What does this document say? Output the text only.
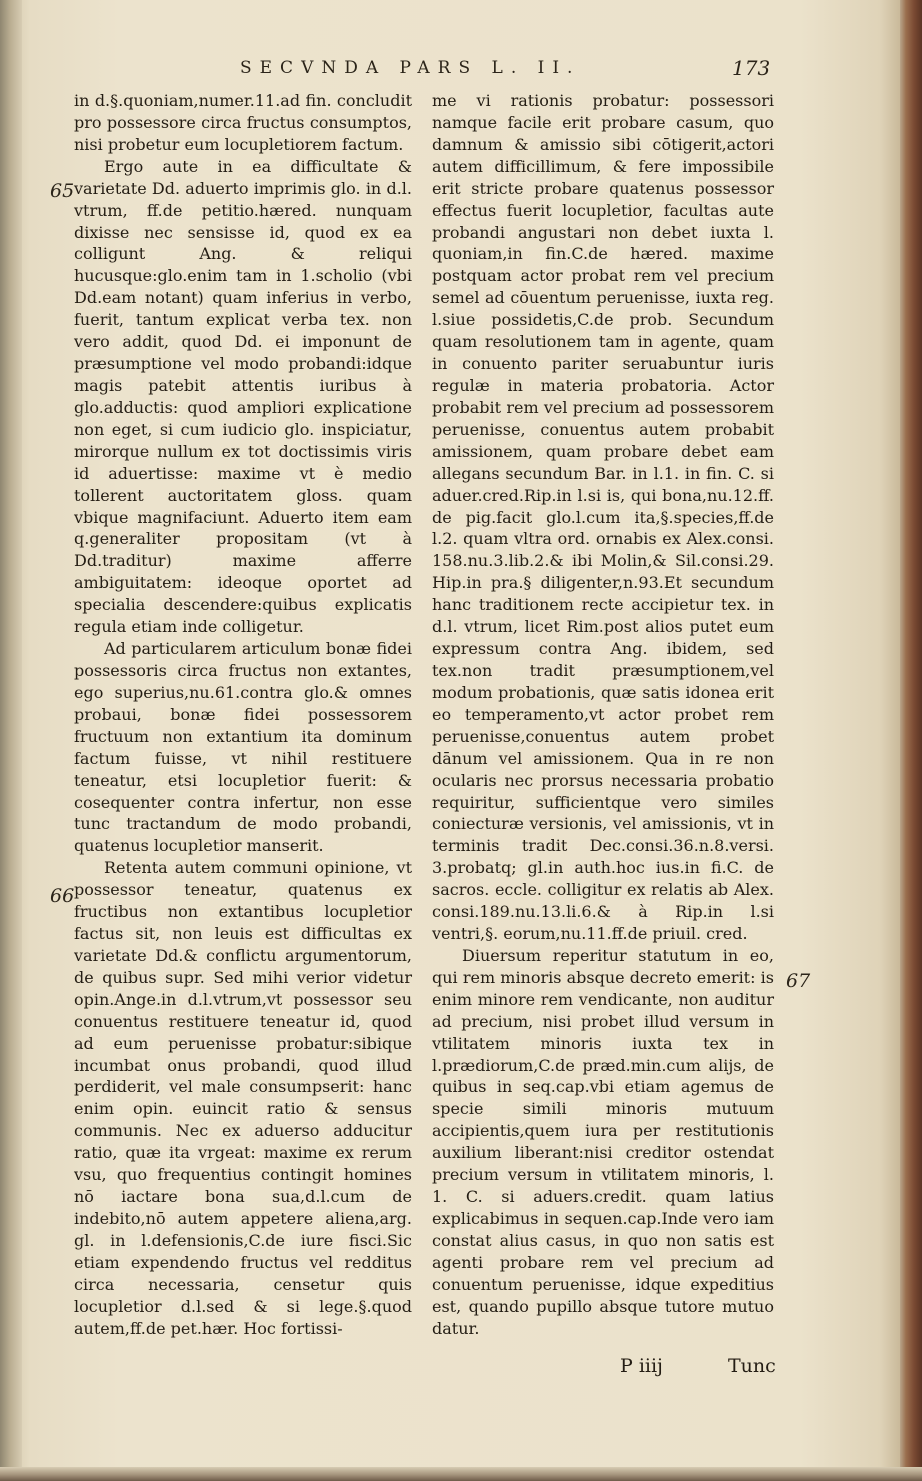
SECVNDA PARS L. II.	173
65
66
67

in d.§.quoniam,numer.11.ad fin. concludit pro possessore circa fructus consumptos, nisi probetur eum locupletiorem factum.

Ergo aute in ea difficultate & varietate Dd. aduerto imprimis glo. in d.l. vtrum, ff.de petitio.hæred. nunquam dixisse nec sensisse id, quod ex ea colligunt Ang. & reliqui hucusque:glo.enim tam in 1.scholio (vbi Dd.eam notant) quam inferius in verbo, fuerit, tantum explicat verba tex. non vero addit, quod Dd. ei imponunt de præsumptione vel modo probandi:idque magis patebit attentis iuribus à glo.adductis: quod ampliori explicatione non eget, si cum iudicio glo. inspiciatur, mirorque nullum ex tot doctissimis viris id aduertisse: maxime vt è medio tollerent auctoritatem gloss. quam vbique magnifaciunt. Aduerto item eam q.generaliter propositam (vt à Dd.traditur) maxime afferre ambiguitatem: ideoque oportet ad specialia descendere:quibus explicatis regula etiam inde colligetur.

Ad particularem articulum bonæ fidei possessoris circa fructus non extantes, ego superius,nu.61.contra glo.& omnes probaui, bonæ fidei possessorem fructuum non extantium ita dominum factum fuisse, vt nihil restituere teneatur, etsi locupletior fuerit: & cosequenter contra infertur, non esse tunc tractandum de modo probandi, quatenus locupletior manserit.

Retenta autem communi opinione, vt possessor teneatur, quatenus ex fructibus non extantibus locupletior factus sit, non leuis est difficultas ex varietate Dd.& conflictu argumentorum, de quibus supr. Sed mihi verior videtur opin.Ange.in d.l.vtrum,vt possessor seu conuentus restituere teneatur id, quod ad eum peruenisse probatur:sibique incumbat onus probandi, quod illud perdiderit, vel male consumpserit: hanc enim opin. euincit ratio & sensus communis. Nec ex aduerso adducitur ratio, quæ ita vrgeat: maxime ex rerum vsu, quo frequentius contingit homines nō iactare bona sua,d.l.cum de indebito,nō autem appetere aliena,arg. gl. in l.defensionis,C.de iure fisci.Sic etiam expendendo fructus vel redditus circa necessaria, censetur quis locupletior d.l.sed & si lege.§.quod autem,ff.de pet.hær. Hoc fortissi-

me vi rationis probatur: possessori namque facile erit probare casum, quo damnum & amissio sibi cōtigerit,actori autem difficillimum, & fere impossibile erit stricte probare quatenus possessor effectus fuerit locupletior, facultas aute probandi angustari non debet iuxta l. quoniam,in fin.C.de hæred. maxime postquam actor probat rem vel precium semel ad cōuentum peruenisse, iuxta reg. l.siue possidetis,C.de prob. Secundum quam resolutionem tam in agente, quam in conuento pariter seruabuntur iuris regulæ in materia probatoria. Actor probabit rem vel precium ad possessorem peruenisse, conuentus autem probabit amissionem, quam probare debet eam allegans secundum Bar. in l.1. in fin. C. si aduer.cred.Rip.in l.si is, qui bona,nu.12.ff. de pig.facit glo.l.cum ita,§.species,ff.de l.2. quam vltra ord. ornabis ex Alex.consi. 158.nu.3.lib.2.& ibi Molin,& Sil.consi.29. Hip.in pra.§ diligenter,n.93.Et secundum hanc traditionem recte accipietur tex. in d.l. vtrum, licet Rim.post alios putet eum expressum contra Ang. ibidem, sed tex.non tradit præsumptionem,vel modum probationis, quæ satis idonea erit eo temperamento,vt actor probet rem peruenisse,conuentus autem probet dānum vel amissionem. Qua in re non ocularis nec prorsus necessaria probatio requiritur, sufficientque vero similes coniecturæ versionis, vel amissionis, vt in terminis tradit Dec.consi.36.n.8.versi. 3.probatq; gl.in auth.hoc ius.in fi.C. de sacros. eccle. colligitur ex relatis ab Alex. consi.189.nu.13.li.6.& à Rip.in l.si ventri,§. eorum,nu.11.ff.de priuil. cred.

Diuersum reperitur statutum in eo, qui rem minoris absque decreto emerit: is enim minore rem vendicante, non auditur ad precium, nisi probet illud versum in vtilitatem minoris iuxta tex in l.prædiorum,C.de præd.min.cum alijs, de quibus in seq.cap.vbi etiam agemus de specie simili minoris mutuum accipientis,quem iura per restitutionis auxilium liberant:nisi creditor ostendat precium versum in vtilitatem minoris, l. 1. C. si aduers.credit. quam latius explicabimus in sequen.cap.Inde vero iam constat alius casus, in quo non satis est agenti probare rem vel precium ad conuentum peruenisse, idque expeditius est, quando pupillo absque tutore mutuo datur.

P iiij	Tunc
